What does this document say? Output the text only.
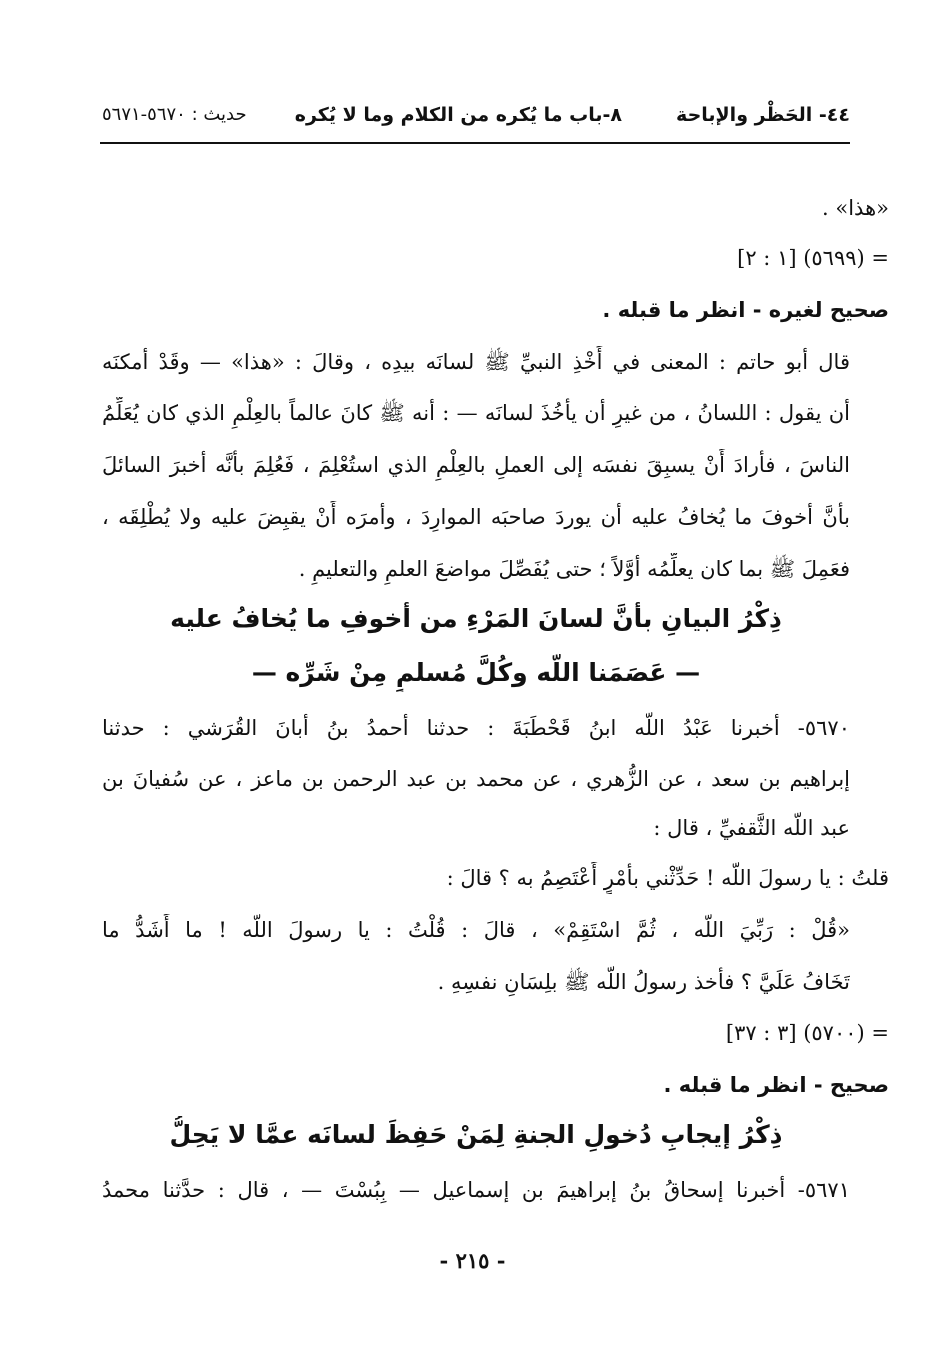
٤٤- الحَظْر والإباحة
٨-باب ما يُكره من الكلام وما لا يُكره
حديث : ٥٦٧٠-٥٦٧١
«هذا» .
= (٥٦٩٩) [١ : ٢]
صحيح لغيره - انظر ما قبله .
قال أبو حاتم : المعنى في أَخْذِ النبيِّ ﷺ لسانَه بيدِه ، وقالَ : «هذا» — وقَدْ أمكنَه
أن يقول : اللسانُ ، من غيرِ أن يأخُذَ لسانَه — : أنه ﷺ كانَ عالماً بالعِلْمِ الذي كان يُعَلِّمُ
الناسَ ، فأرادَ أَنْ يسبِقَ نفسَه إلى العملِ بالعِلْمِ الذي استُعْلِمَ ، فَعُلِمَ بأنَّه أخبرَ السائلَ
بأَنَّ أخوفَ ما يُخافُ عليه أن يوردَ صاحبَه الموارِدَ ، وأمرَه أَنْ يقبِضَ عليه ولا يُطْلِقَه ،
فعَمِلَ ﷺ بما كان يعلِّمُه أوَّلاً ؛ حتى يُفَصِّلَ مواضعَ العلمِ والتعليمِ .
ذِكْرُ البيانِ بأنَّ لسانَ المَرْءِ من أخوفِ ما يُخافُ عليه
— عَصَمَنا اللّه وكُلَّ مُسلمٍ مِنْ شَرِّه —
٥٦٧٠- أخبرنا عَبْدُ اللّه ابنُ قَحْطَبَةَ : حدثنا أحمدُ بنُ أبانَ القُرَشي : حدثنا
إبراهيم بن سعد ، عن الزُّهري ، عن محمد بن عبد الرحمن بن ماعز ، عن سُفيانَ بن
عبد اللّه الثَّقفيِّ ، قال :
قلتُ : يا رسولَ اللّه ! حَدِّثْني بأمْرٍ أَعْتَصِمُ به ؟ قالَ :
«قُلْ : رَبِّيَ اللّه ، ثُمَّ اسْتَقِمْ» ، قالَ : قُلْتُ : يا رسولَ اللّه ! ما أَشَدُّ ما
تَخَافُ عَلَيَّ ؟ فأخذ رسولُ اللّه ﷺ بلِسَانِ نفسِهِ .
= (٥٧٠٠) [٣ : ٣٧]
صحيح - انظر ما قبله .
ذِكْرُ إيجابِ دُخولِ الجنةِ لِمَنْ حَفِظَ لسانَه عمَّا لا يَحِلُّ
٥٦٧١- أخبرنا إسحاقُ بنُ إبراهيمَ بن إسماعيل — بِبُسْتَ — ، قال : حدَّثنا محمدُ
- ٢١٥ -
